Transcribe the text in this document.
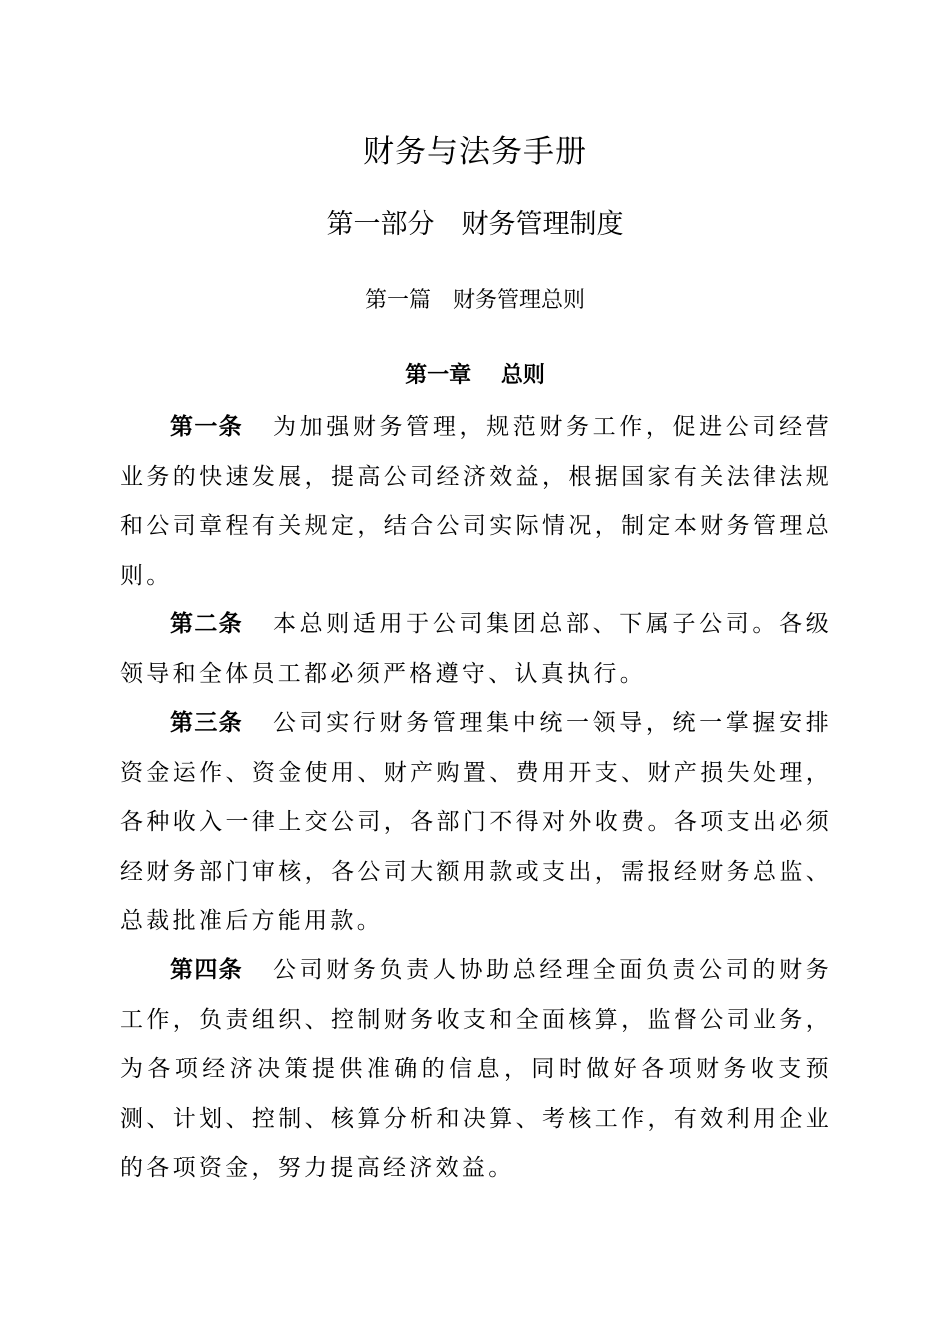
财务与法务手册
第一部分　财务管理制度
第一篇　财务管理总则
第一章　 总则

第一条 为加强财务管理，规范财务工作，促进公司经营业务的快速发展，提高公司经济效益，根据国家有关法律法规和公司章程有关规定，结合公司实际情况，制定本财务管理总则。

第二条 本总则适用于公司集团总部、下属子公司。各级领导和全体员工都必须严格遵守、认真执行。

第三条 公司实行财务管理集中统一领导，统一掌握安排资金运作、资金使用、财产购置、费用开支、财产损失处理，各种收入一律上交公司，各部门不得对外收费。各项支出必须经财务部门审核，各公司大额用款或支出，需报经财务总监、总裁批准后方能用款。

第四条 公司财务负责人协助总经理全面负责公司的财务工作，负责组织、控制财务收支和全面核算，监督公司业务，为各项经济决策提供准确的信息，同时做好各项财务收支预测、计划、控制、核算分析和决算、考核工作，有效利用企业的各项资金，努力提高经济效益。
